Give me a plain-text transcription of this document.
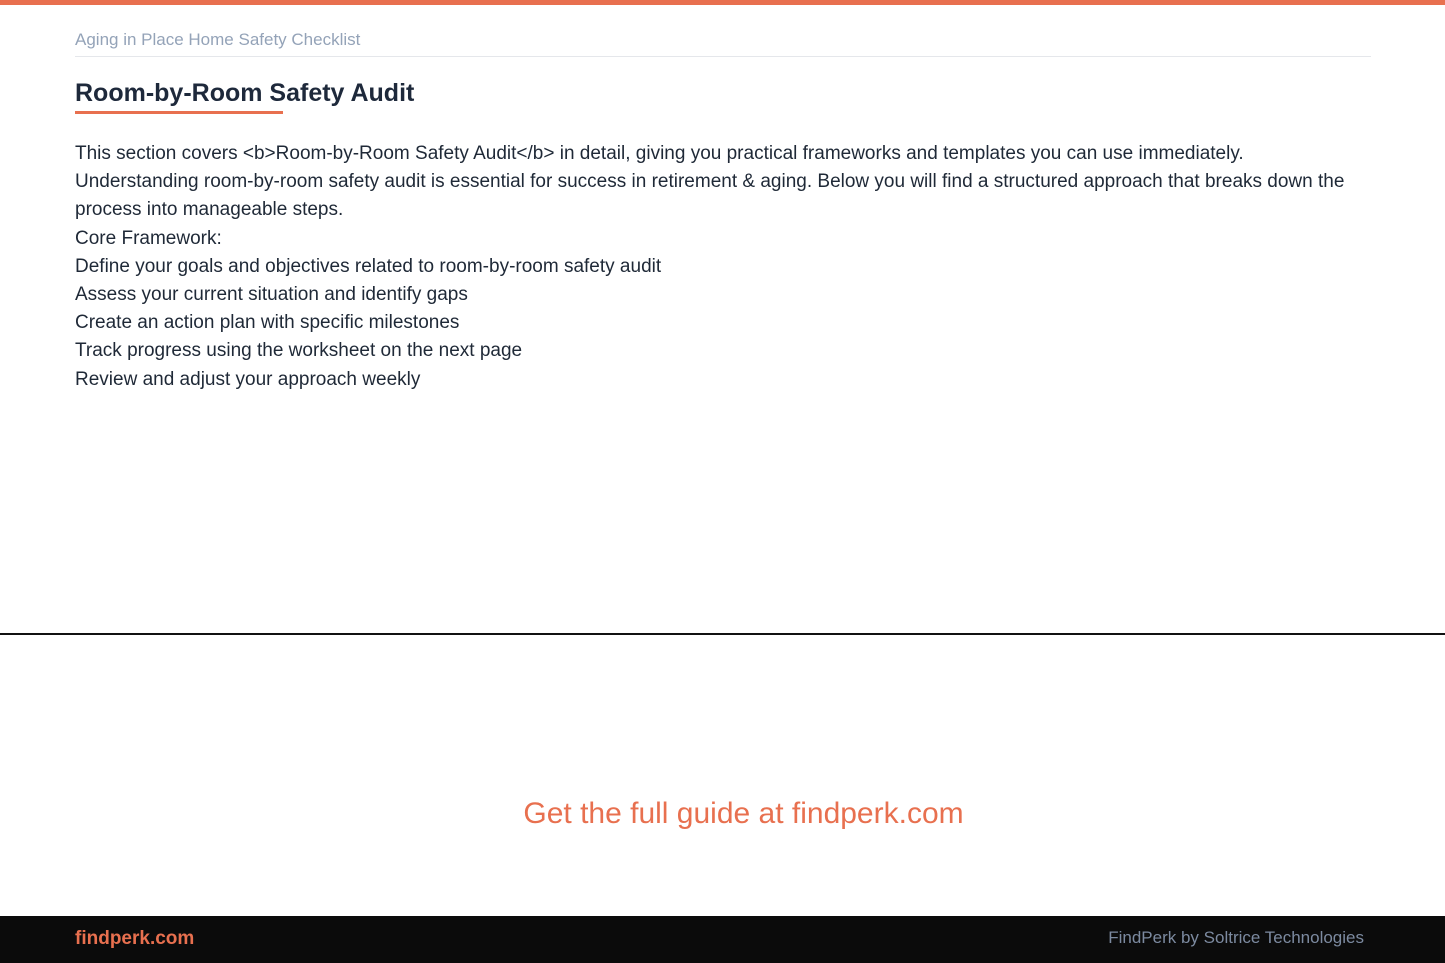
Aging in Place Home Safety Checklist
Room-by-Room Safety Audit

This section covers <b>Room-by-Room Safety Audit</b> in detail, giving you practical frameworks and templates you can use immediately. Understanding room-by-room safety audit is essential for success in retirement & aging. Below you will find a structured approach that breaks down the process into manageable steps.

Core Framework:

Define your goals and objectives related to room-by-room safety audit
Assess your current situation and identify gaps
Create an action plan with specific milestones
Track progress using the worksheet on the next page
Review and adjust your approach weekly
Get the full guide at findperk.com
findperk.com	FindPerk by Soltrice Technologies
